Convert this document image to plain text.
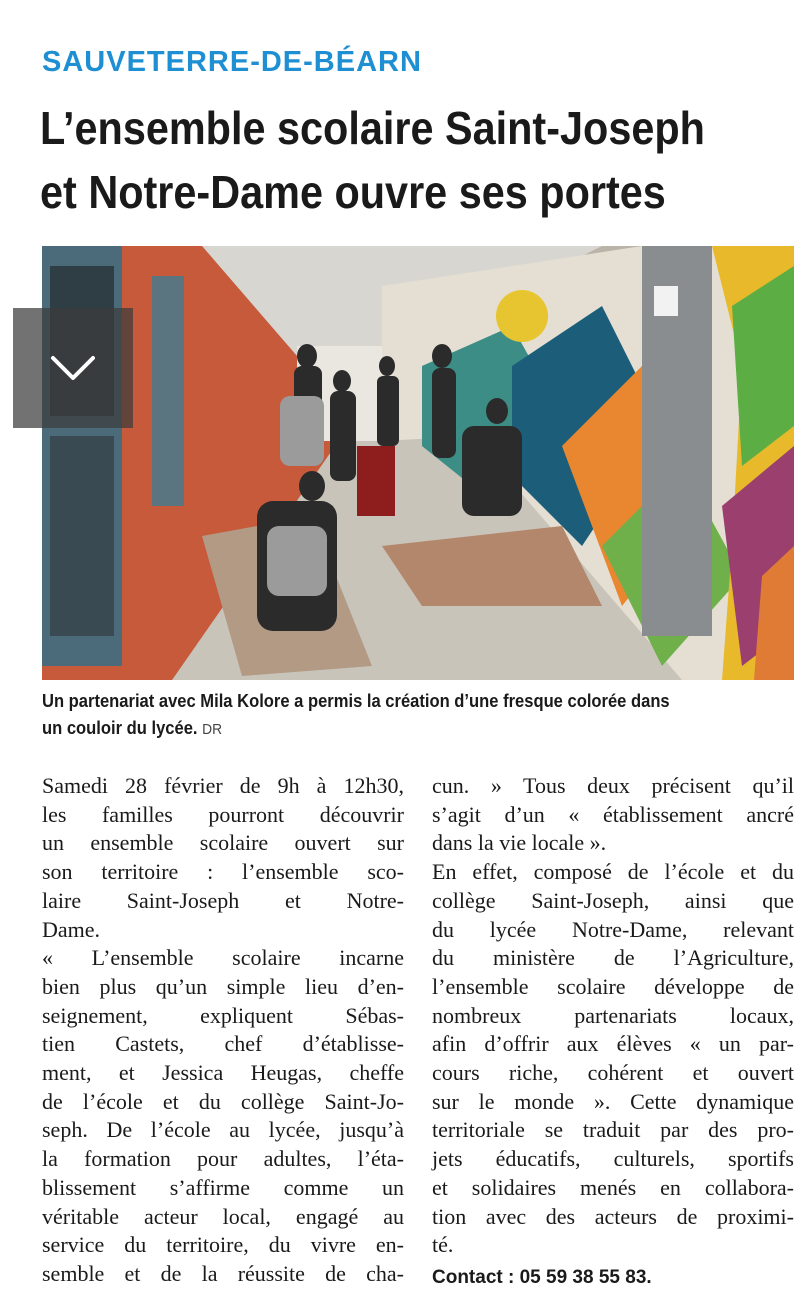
SAUVETERRE-DE-BÉARN
L’ensemble scolaire Saint-Joseph
et Notre-Dame ouvre ses portes
Un partenariat avec Mila Kolore a permis la création d’une fresque colorée dans
un couloir du lycée. DR
Samedi 28 février de 9h à 12h30,
les familles pourront découvrir
un ensemble scolaire ouvert sur
son territoire : l’ensemble sco-
laire Saint-Joseph et Notre-
Dame.
« L’ensemble scolaire incarne
bien plus qu’un simple lieu d’en-
seignement, expliquent Sébas-
tien Castets, chef d’établisse-
ment, et Jessica Heugas, cheffe
de l’école et du collège Saint-Jo-
seph. De l’école au lycée, jusqu’à
la formation pour adultes, l’éta-
blissement s’affirme comme un
véritable acteur local, engagé au
service du territoire, du vivre en-
semble et de la réussite de cha-
cun. » Tous deux précisent qu’il
s’agit d’un « établissement ancré
dans la vie locale ».
En effet, composé de l’école et du
collège Saint-Joseph, ainsi que
du lycée Notre-Dame, relevant
du ministère de l’Agriculture,
l’ensemble scolaire développe de
nombreux partenariats locaux,
afin d’offrir aux élèves « un par-
cours riche, cohérent et ouvert
sur le monde ». Cette dynamique
territoriale se traduit par des pro-
jets éducatifs, culturels, sportifs
et solidaires menés en collabora-
tion avec des acteurs de proximi-
té.
Contact : 05 59 38 55 83.
